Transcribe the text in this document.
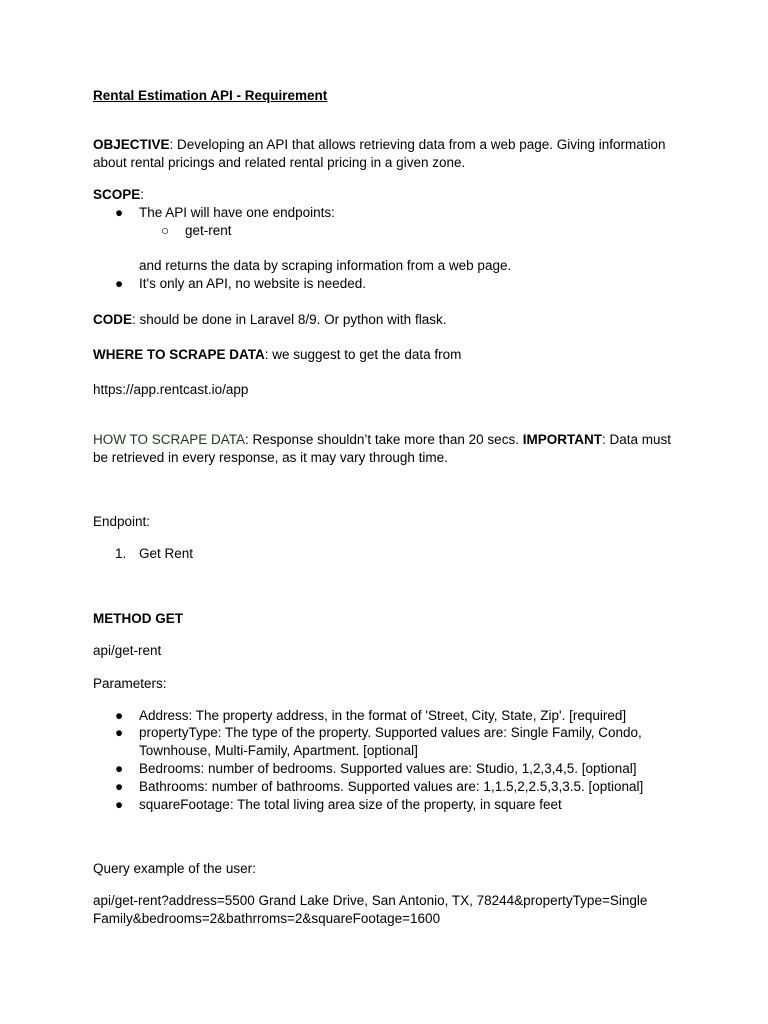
Rental Estimation API - Requirement

OBJECTIVE: Developing an API that allows retrieving data from a web page. Giving information about rental pricings and related rental pricing in a given zone.

SCOPE:

● The API will have one endpoints:
○ get-rent
and returns the data by scraping information from a web page.
● It's only an API, no website is needed.

CODE: should be done in Laravel 8/9. Or python with flask.

WHERE TO SCRAPE DATA: we suggest to get the data from

https://app.rentcast.io/app

HOW TO SCRAPE DATA: Response shouldn’t take more than 20 secs. IMPORTANT: Data must be retrieved in every response, as it may vary through time.

Endpoint:

1. Get Rent

METHOD GET

api/get-rent

Parameters:

● Address: The property address, in the format of 'Street, City, State, Zip'. [required]
● propertyType: The type of the property. Supported values are: Single Family, Condo, Townhouse, Multi-Family, Apartment. [optional]
● Bedrooms: number of bedrooms. Supported values are: Studio, 1,2,3,4,5. [optional]
● Bathrooms: number of bathrooms. Supported values are: 1,1.5,2,2.5,3,3.5. [optional]
● squareFootage: The total living area size of the property, in square feet

Query example of the user:

api/get-rent?address=5500 Grand Lake Drive, San Antonio, TX, 78244&propertyType=Single Family&bedrooms=2&bathrroms=2&squareFootage=1600
